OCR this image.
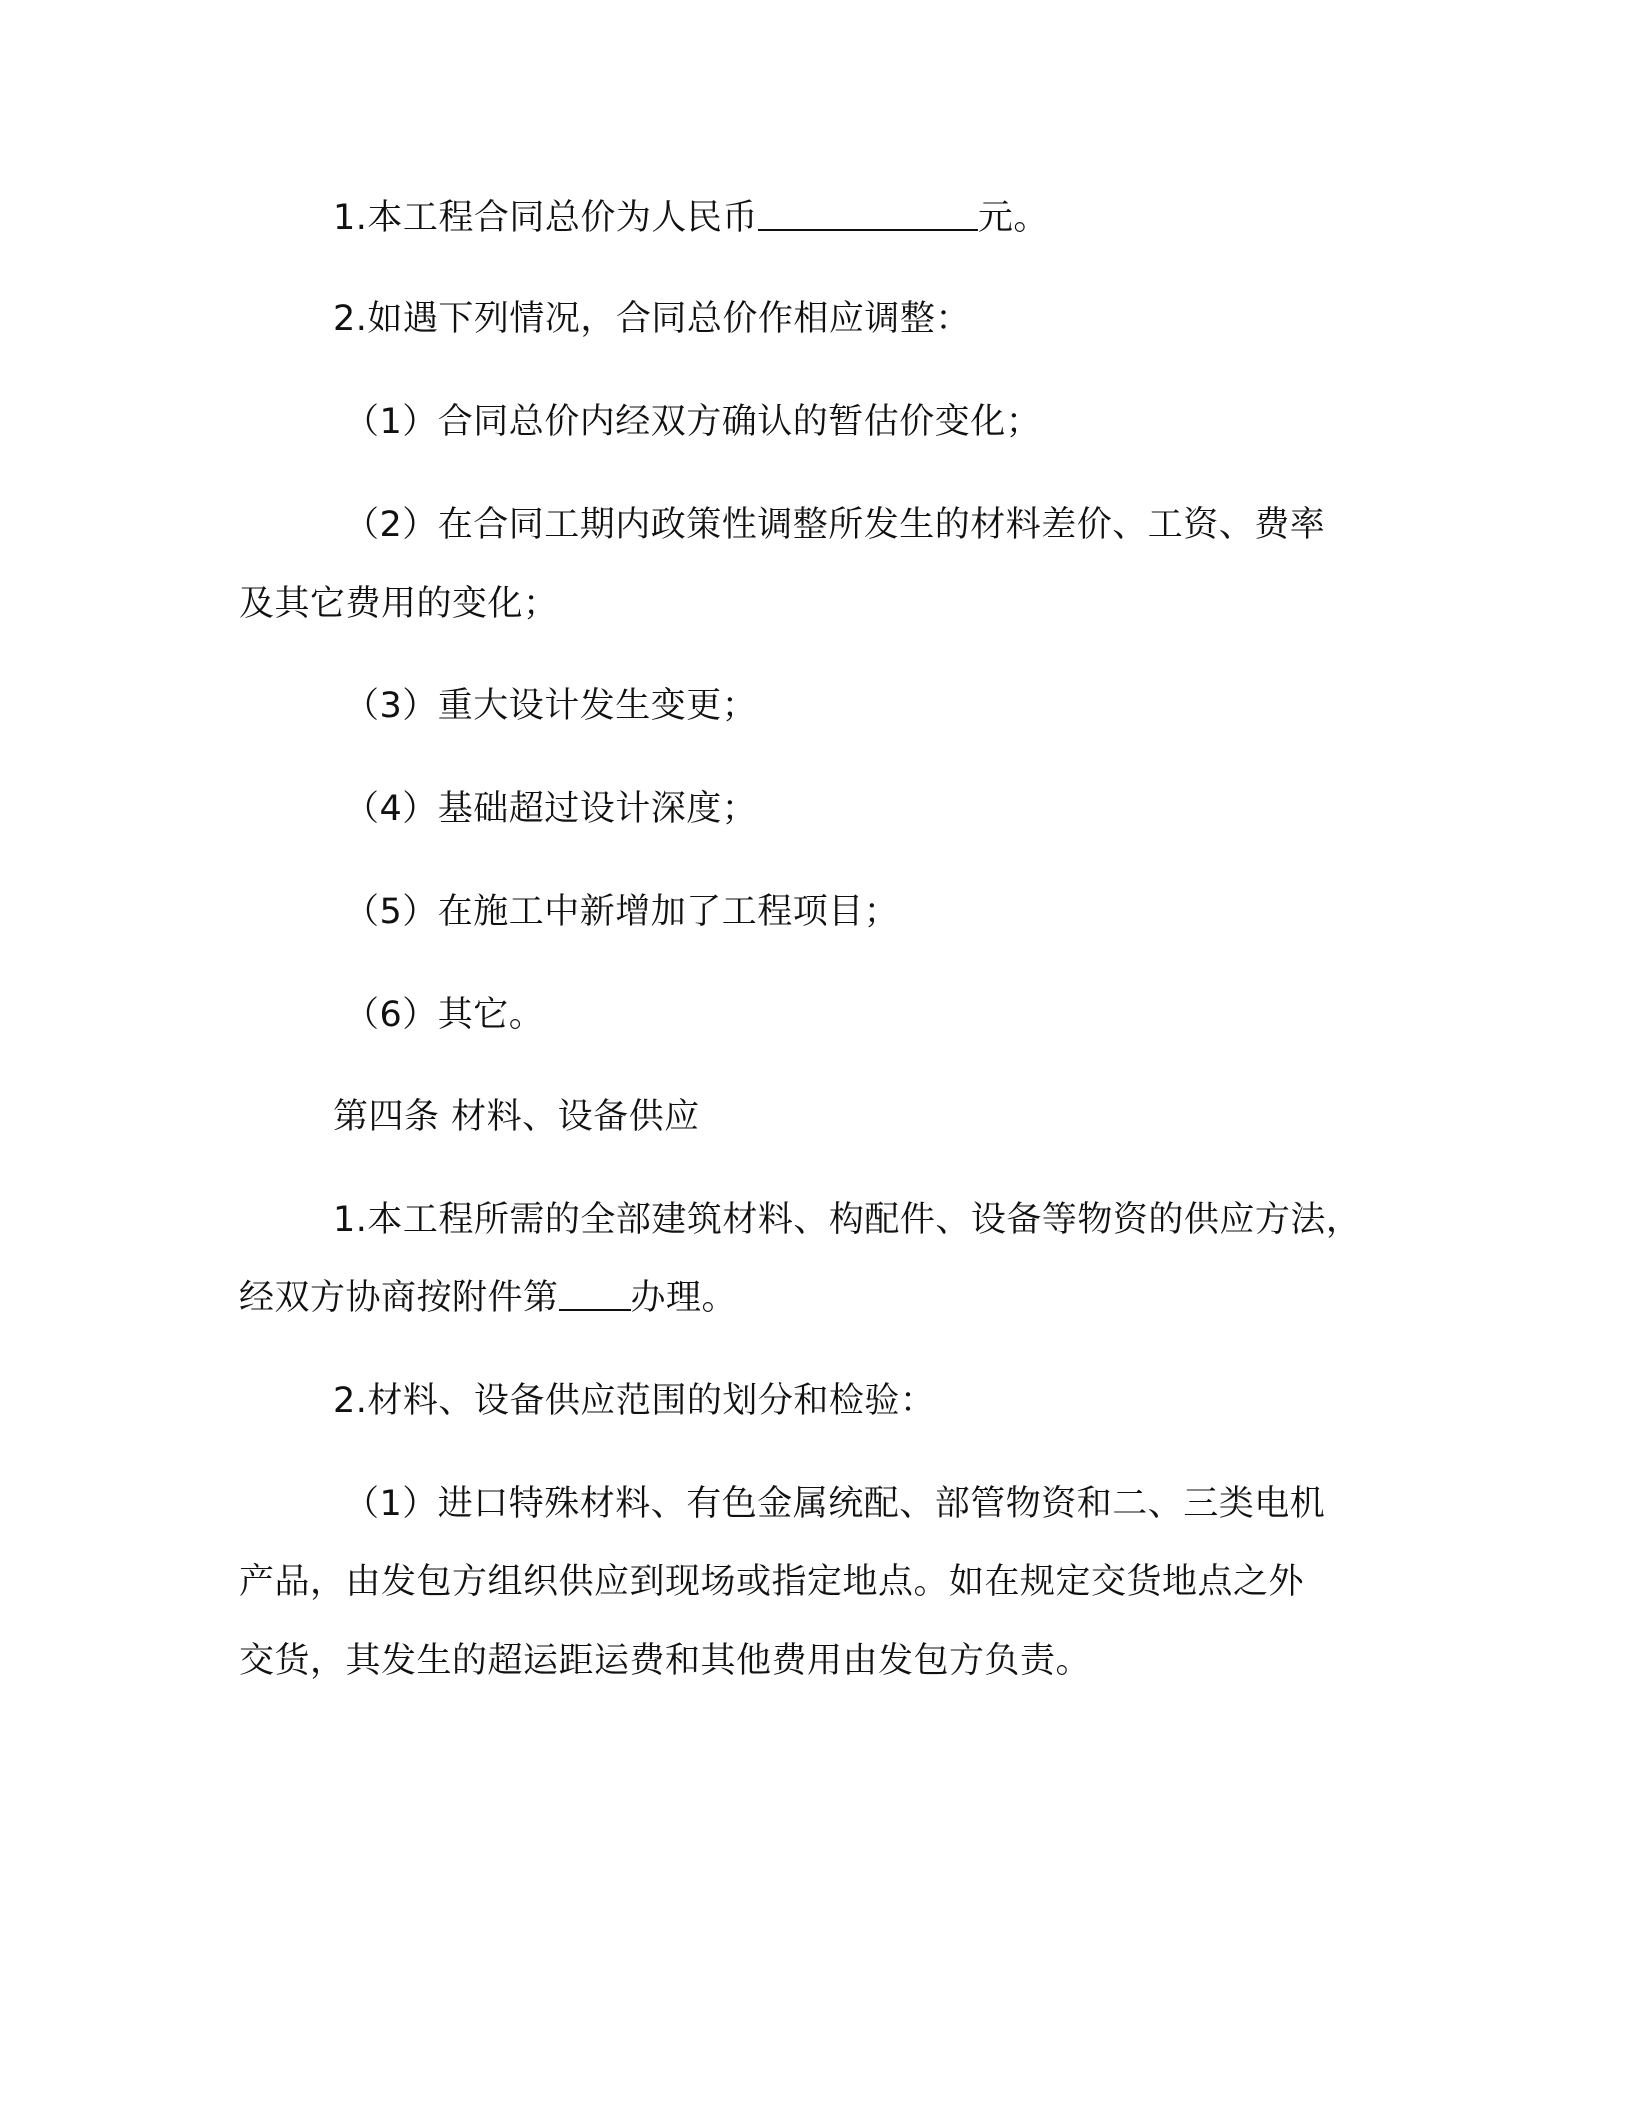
1.本工程合同总价为人民币	元。
2.如遇下列情况，合同总价作相应调整：
（1）合同总价内经双方确认的暂估价变化；
（2）在合同工期内政策性调整所发生的材料差价、工资、费率
及其它费用的变化；
（3）重大设计发生变更；
（4）基础超过设计深度；
（5）在施工中新增加了工程项目；
（6）其它。
第四条 材料、设备供应
1.本工程所需的全部建筑材料、构配件、设备等物资的供应方法，
经双方协商按附件第 办理。
2.材料、设备供应范围的划分和检验：
（1）进口特殊材料、有色金属统配、部管物资和二、三类电机
产品，由发包方组织供应到现场或指定地点。如在规定交货地点之外
交货，其发生的超运距运费和其他费用由发包方负责。
